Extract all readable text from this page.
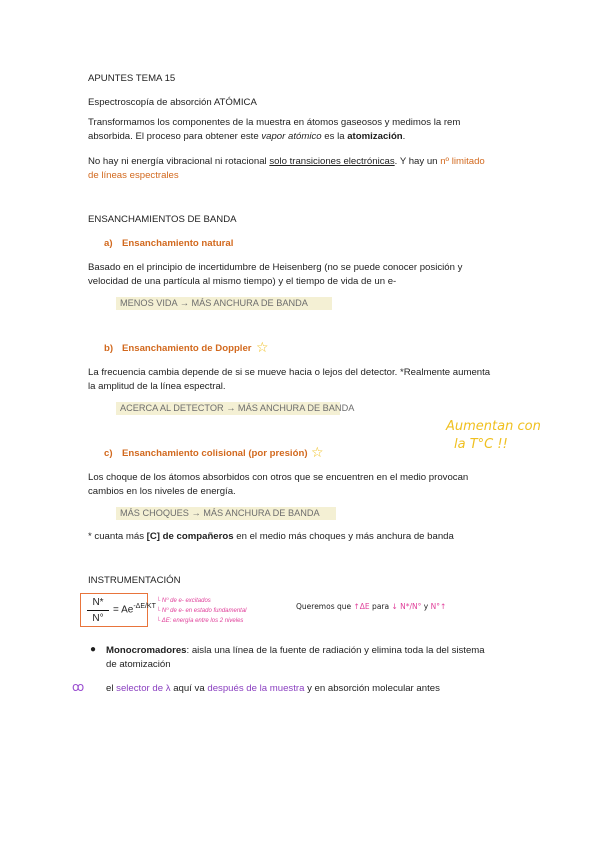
APUNTES TEMA 15

Espectroscopía de absorción ATÓMICA

Transformamos los componentes de la muestra en átomos gaseosos y medimos la rem

absorbida. El proceso para obtener este vapor atómico es la atomización.

No hay ni energía vibracional ni rotacional solo transiciones electrónicas. Y hay un nº limitado

de líneas espectrales

ENSANCHAMIENTOS DE BANDA

a) Ensanchamiento natural

Basado en el principio de incertidumbre de Heisenberg (no se puede conocer posición y

velocidad de una partícula al mismo tiempo) y el tiempo de vida de un e-

MENOS VIDA → MÁS ANCHURA DE BANDA

b) Ensanchamiento de Doppler ☆

La frecuencia cambia depende de si se mueve hacia o lejos del detector. *Realmente aumenta

la amplitud de la línea espectral.

ACERCA AL DETECTOR → MÁS ANCHURA DE BANDA
Aumentan con
la T°C !!

c) Ensanchamiento colisional (por presión) ☆

Los choque de los átomos absorbidos con otros que se encuentren en el medio provocan

cambios en los niveles de energía.

MÁS CHOQUES → MÁS ANCHURA DE BANDA

* cuanta más [C] de compañeros en el medio más choques y más anchura de banda

INSTRUMENTACIÓN

N*
N°
= $Ae^{-\Delta E/KT}$
└ Nº de e- excitados
└ Nº de e- en estado fundamental
└ ΔE: energía entre los 2 niveles
Queremos que ↑ΔE para ↓ N*/N° y N°↑
● Monocromadores: aisla una línea de la fuente de radiación y elimina toda la del sistema

de atomización

ꝏ el selector de λ aquí va después de la muestra y en absorción molecular antes
